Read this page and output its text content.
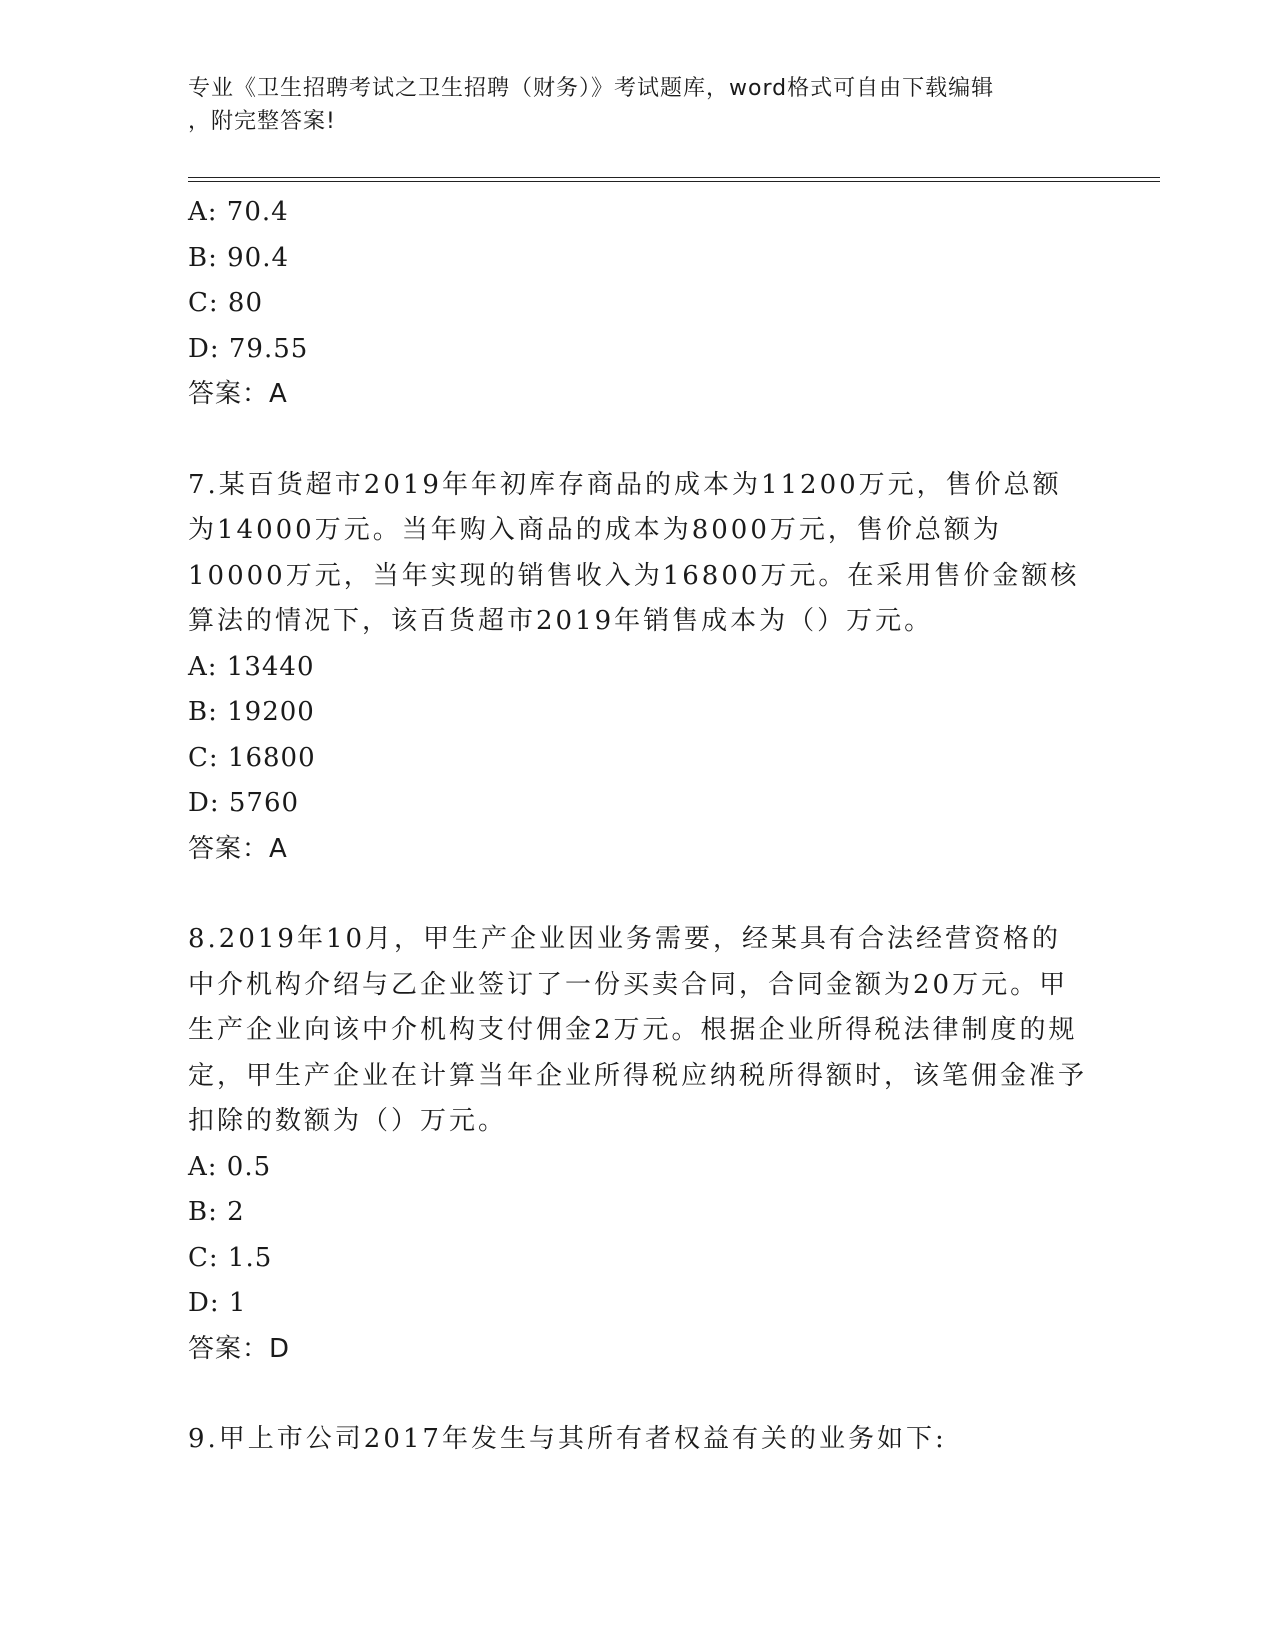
专业《卫生招聘考试之卫生招聘（财务）》考试题库，word格式可自由下载编辑
，附完整答案!
A: 70.4
B: 90.4
C: 80
D: 79.55
答案：A
7.某百货超市2019年年初库存商品的成本为11200万元，售价总额为14000万元。当年购入商品的成本为8000万元，售价总额为10000万元，当年实现的销售收入为16800万元。在采用售价金额核算法的情况下，该百货超市2019年销售成本为（）万元。
A: 13440
B: 19200
C: 16800
D: 5760
答案：A
8.2019年10月，甲生产企业因业务需要，经某具有合法经营资格的中介机构介绍与乙企业签订了一份买卖合同，合同金额为20万元。甲生产企业向该中介机构支付佣金2万元。根据企业所得税法律制度的规定，甲生产企业在计算当年企业所得税应纳税所得额时，该笔佣金准予扣除的数额为（）万元。
A: 0.5
B: 2
C: 1.5
D: 1
答案：D
9.甲上市公司2017年发生与其所有者权益有关的业务如下:
